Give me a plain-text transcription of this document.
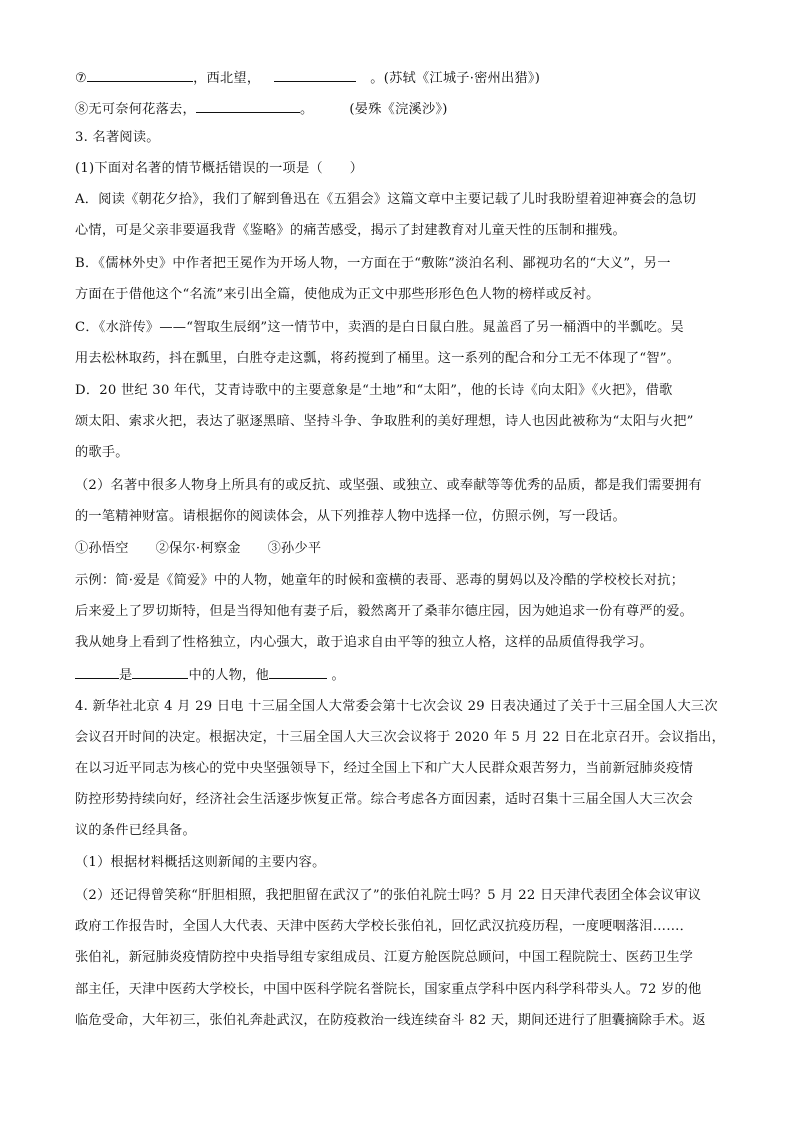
⑦	，西北望，	。(苏轼《江城子·密州出猎》)
⑧无可奈何花落去，	。	(晏殊《浣溪沙》)
3. 名著阅读。
(1)下面对名著的情节概括错误的一项是（　　）
A．阅读《朝花夕拾》，我们了解到鲁迅在《五猖会》这篇文章中主要记载了儿时我盼望着迎神赛会的急切
心情，可是父亲非要逼我背《鉴略》的痛苦感受，揭示了封建教育对儿童天性的压制和摧残。
B．《儒林外史》中作者把王冕作为开场人物，一方面在于“敷陈”淡泊名利、鄙视功名的“大义”，另一
方面在于借他这个“名流”来引出全篇，使他成为正文中那些形形色色人物的榜样或反衬。
C．《水浒传》——“智取生辰纲”这一情节中，卖酒的是白日鼠白胜。晁盖舀了另一桶酒中的半瓢吃。吴
用去松林取药，抖在瓢里，白胜夺走这瓢，将药搅到了桶里。这一系列的配合和分工无不体现了“智”。
D．20 世纪 30 年代，艾青诗歌中的主要意象是“土地”和“太阳”，他的长诗《向太阳》《火把》，借歌
颂太阳、索求火把，表达了驱逐黑暗、坚持斗争、争取胜利的美好理想，诗人也因此被称为“太阳与火把”
的歌手。
（2）名著中很多人物身上所具有的或反抗、或坚强、或独立、或奉献等等优秀的品质，都是我们需要拥有
的一笔精神财富。请根据你的阅读体会，从下列推荐人物中选择一位，仿照示例，写一段话。
①孙悟空　　②保尔·柯察金　　③孙少平
示例：简·爱是《简爱》中的人物，她童年的时候和蛮横的表哥、恶毒的舅妈以及冷酷的学校校长对抗；
后来爱上了罗切斯特，但是当得知他有妻子后，毅然离开了桑菲尔德庄园，因为她追求一份有尊严的爱。
我从她身上看到了性格独立，内心强大，敢于追求自由平等的独立人格，这样的品质值得我学习。
是	中的人物，他	。
4. 新华社北京 4 月 29 日电 十三届全国人大常委会第十七次会议 29 日表决通过了关于十三届全国人大三次
会议召开时间的决定。根据决定，十三届全国人大三次会议将于 2020 年 5 月 22 日在北京召开。会议指出，
在以习近平同志为核心的党中央坚强领导下，经过全国上下和广大人民群众艰苦努力，当前新冠肺炎疫情
防控形势持续向好，经济社会生活逐步恢复正常。综合考虑各方面因素，适时召集十三届全国人大三次会
议的条件已经具备。
（1）根据材料概括这则新闻的主要内容。
（2）还记得曾笑称“肝胆相照，我把胆留在武汉了”的张伯礼院士吗？5 月 22 日天津代表团全体会议审议
政府工作报告时，全国人大代表、天津中医药大学校长张伯礼，回忆武汉抗疫历程，一度哽咽落泪……．
张伯礼，新冠肺炎疫情防控中央指导组专家组成员、江夏方舱医院总顾问，中国工程院院士、医药卫生学
部主任，天津中医药大学校长，中国中医科学院名誉院长，国家重点学科中医内科学科带头人。72 岁的他
临危受命，大年初三，张伯礼奔赴武汉，在防疫救治一线连续奋斗 82 天，期间还进行了胆囊摘除手术。返
